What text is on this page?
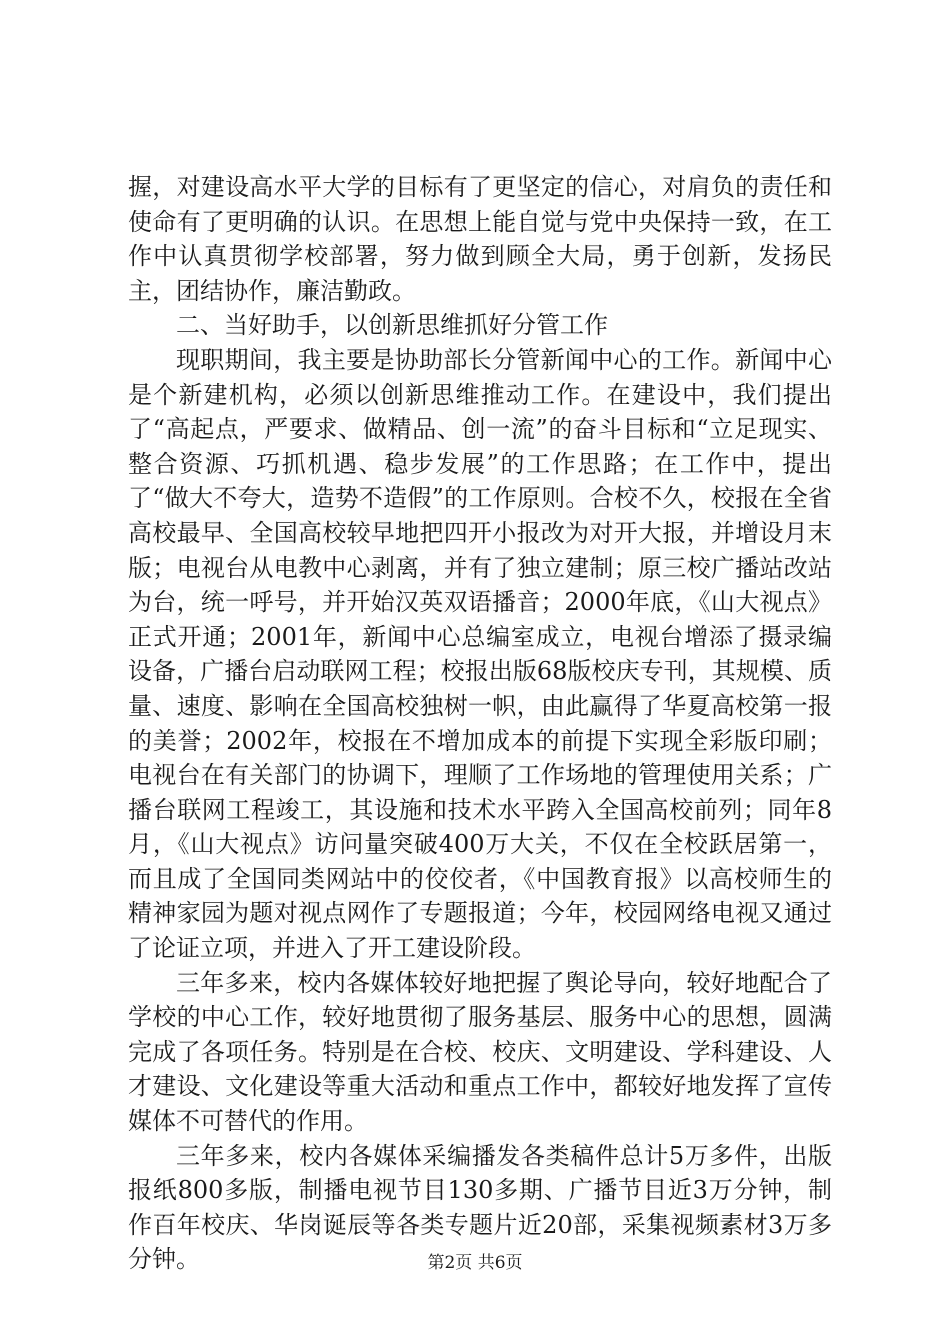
握，对建设高水平大学的目标有了更坚定的信心，对肩负的责任和使命有了更明确的认识。在思想上能自觉与党中央保持一致，在工作中认真贯彻学校部署，努力做到顾全大局，勇于创新，发扬民主，团结协作，廉洁勤政。

二、当好助手，以创新思维抓好分管工作

现职期间，我主要是协助部长分管新闻中心的工作。新闻中心是个新建机构，必须以创新思维推动工作。在建设中，我们提出了“高起点，严要求、做精品、创一流”的奋斗目标和“立足现实、整合资源、巧抓机遇、稳步发展”的工作思路；在工作中，提出了“做大不夸大，造势不造假”的工作原则。合校不久，校报在全省高校最早、全国高校较早地把四开小报改为对开大报，并增设月末版；电视台从电教中心剥离，并有了独立建制；原三校广播站改站为台，统一呼号，并开始汉英双语播音；2000年底，《山大视点》正式开通；2001年，新闻中心总编室成立，电视台增添了摄录编设备，广播台启动联网工程；校报出版68版校庆专刊，其规模、质量、速度、影响在全国高校独树一帜，由此赢得了华夏高校第一报的美誉；2002年，校报在不增加成本的前提下实现全彩版印刷；电视台在有关部门的协调下，理顺了工作场地的管理使用关系；广播台联网工程竣工，其设施和技术水平跨入全国高校前列；同年8月，《山大视点》访问量突破400万大关，不仅在全校跃居第一，而且成了全国同类网站中的佼佼者，《中国教育报》以高校师生的精神家园为题对视点网作了专题报道；今年，校园网络电视又通过了论证立项，并进入了开工建设阶段。

三年多来，校内各媒体较好地把握了舆论导向，较好地配合了学校的中心工作，较好地贯彻了服务基层、服务中心的思想，圆满完成了各项任务。特别是在合校、校庆、文明建设、学科建设、人才建设、文化建设等重大活动和重点工作中，都较好地发挥了宣传媒体不可替代的作用。

三年多来，校内各媒体采编播发各类稿件总计5万多件，出版报纸800多版，制播电视节目130多期、广播节目近3万分钟，制作百年校庆、华岗诞辰等各类专题片近20部，采集视频素材3万多分钟。	第2页 共6页
